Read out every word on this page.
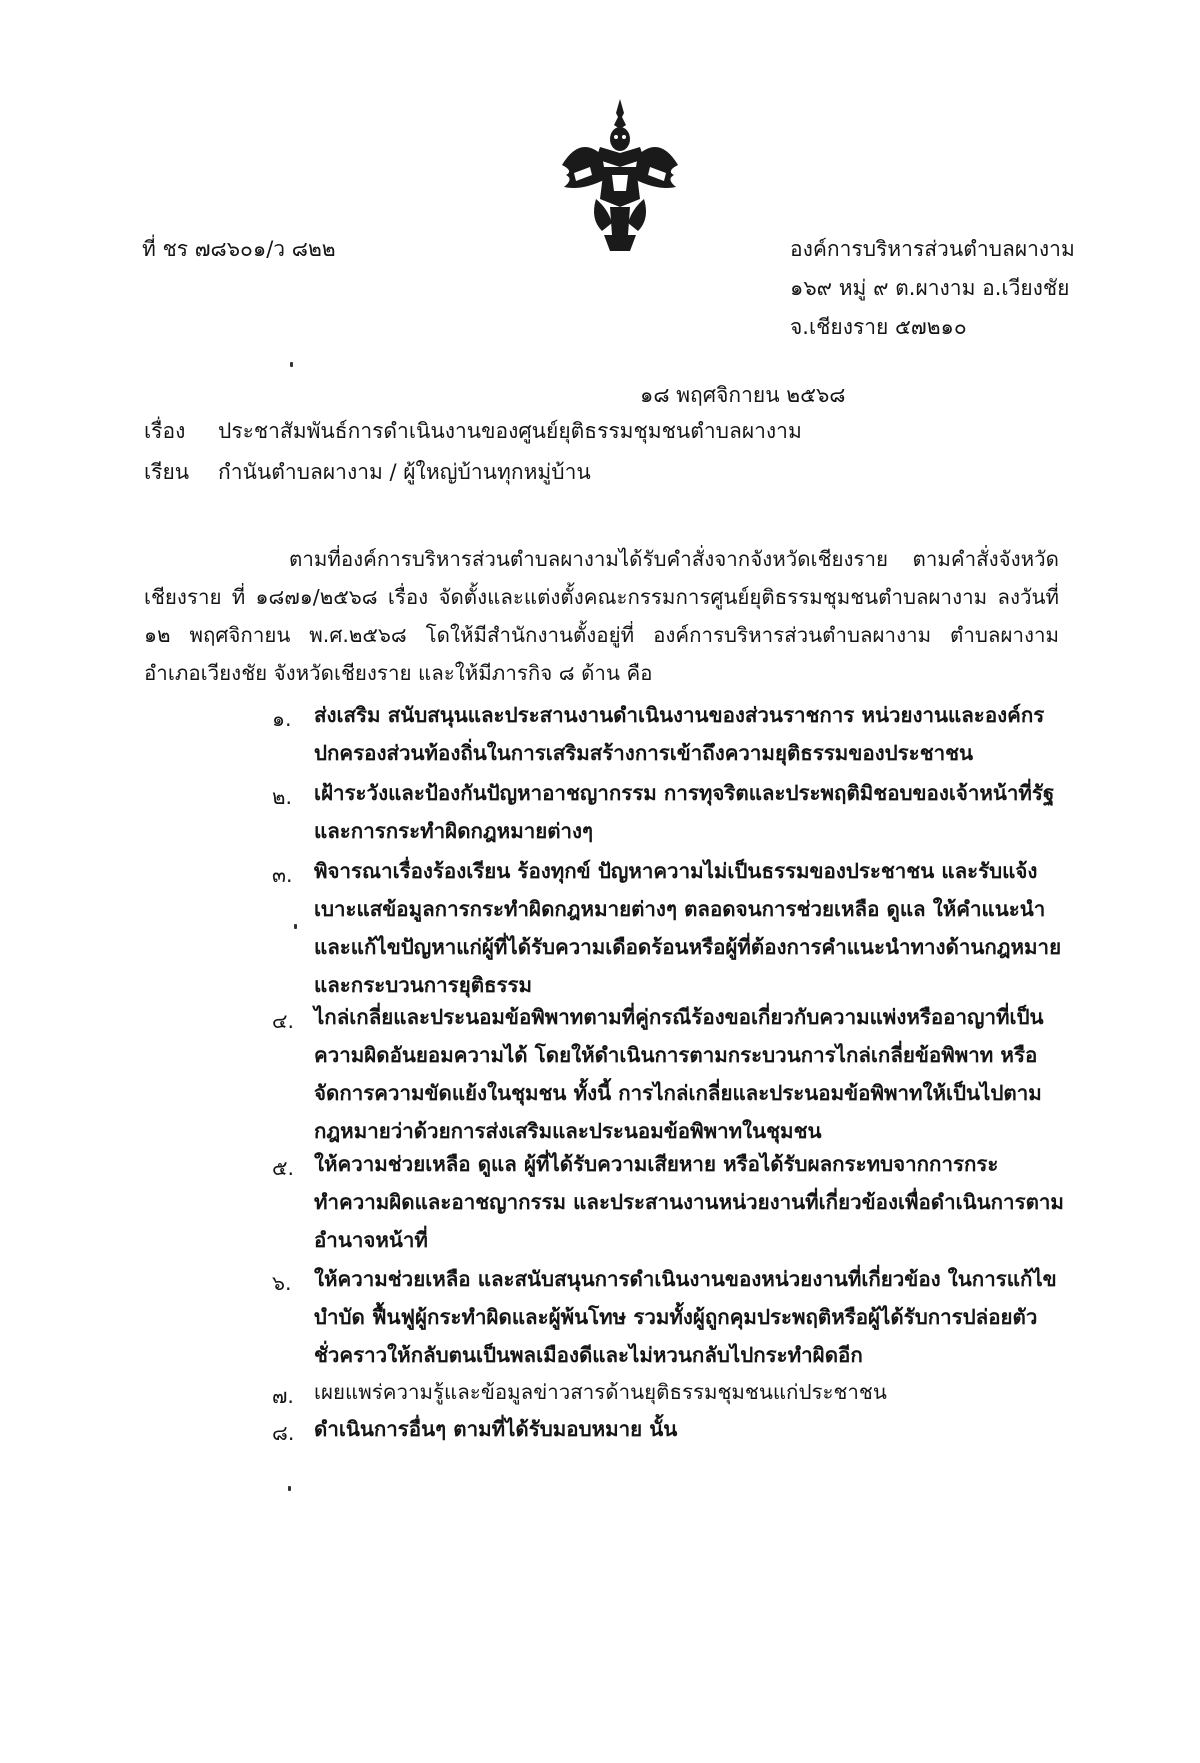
ที่ ชร ๗๘๖๐๑/ว ๘๒๒	องค์การบริหารส่วนตำบลผางาม
๑๖๙ หมู่ ๙ ต.ผางาม อ.เวียงชัย
จ.เชียงราย ๕๗๒๑๐
๑๘ พฤศจิกายน ๒๕๖๘
เรื่อง ประชาสัมพันธ์การดำเนินงานของศูนย์ยุติธรรมชุมชนตำบลผางาม
เรียน กำนันตำบลผางาม / ผู้ใหญ่บ้านทุกหมู่บ้าน
ตามที่องค์การบริหารส่วนตำบลผางามได้รับคำสั่งจากจังหวัดเชียงราย ตามคำสั่งจังหวัดเชียงราย ที่ ๑๘๗๑/๒๕๖๘ เรื่อง จัดตั้งและแต่งตั้งคณะกรรมการศูนย์ยุติธรรมชุมชนตำบลผางาม ลงวันที่ ๑๒ พฤศจิกายน พ.ศ.๒๕๖๘ โดให้มีสำนักงานตั้งอยู่ที่ องค์การบริหารส่วนตำบลผางาม ตำบลผางาม อำเภอเวียงชัย จังหวัดเชียงราย และให้มีภารกิจ ๘ ด้าน คือ
๑. ส่งเสริม สนับสนุนและประสานงานดำเนินงานของส่วนราชการ หน่วยงานและองค์กรปกครองส่วนท้องถิ่นในการเสริมสร้างการเข้าถึงความยุติธรรมของประชาชน
๒. เฝ้าระวังและป้องกันปัญหาอาชญากรรม การทุจริตและประพฤติมิชอบของเจ้าหน้าที่รัฐและการกระทำผิดกฎหมายต่างๆ
๓. พิจารณาเรื่องร้องเรียน ร้องทุกข์ ปัญหาความไม่เป็นธรรมของประชาชน และรับแจ้งเบาะแสข้อมูลการกระทำผิดกฎหมายต่างๆ ตลอดจนการช่วยเหลือ ดูแล ให้คำแนะนำและแก้ไขปัญหาแก่ผู้ที่ได้รับความเดือดร้อนหรือผู้ที่ต้องการคำแนะนำทางด้านกฎหมายและกระบวนการยุติธรรม
๔. ไกล่เกลี่ยและประนอมข้อพิพาทตามที่คู่กรณีร้องขอเกี่ยวกับความแพ่งหรืออาญาที่เป็นความผิดอันยอมความได้ โดยให้ดำเนินการตามกระบวนการไกล่เกลี่ยข้อพิพาท หรือจัดการความขัดแย้งในชุมชน ทั้งนี้ การไกล่เกลี่ยและประนอมข้อพิพาทให้เป็นไปตามกฎหมายว่าด้วยการส่งเสริมและประนอมข้อพิพาทในชุมชน
๕. ให้ความช่วยเหลือ ดูแล ผู้ที่ได้รับความเสียหาย หรือได้รับผลกระทบจากการกระทำความผิดและอาชญากรรม และประสานงานหน่วยงานที่เกี่ยวข้องเพื่อดำเนินการตามอำนาจหน้าที่
๖. ให้ความช่วยเหลือ และสนับสนุนการดำเนินงานของหน่วยงานที่เกี่ยวข้อง ในการแก้ไขบำบัด ฟื้นฟูผู้กระทำผิดและผู้พ้นโทษ รวมทั้งผู้ถูกคุมประพฤติหรือผู้ได้รับการปล่อยตัวชั่วคราวให้กลับตนเป็นพลเมืองดีและไม่หวนกลับไปกระทำผิดอีก
๗. เผยแพร่ความรู้และข้อมูลข่าวสารด้านยุติธรรมชุมชนแก่ประชาชน
๘. ดำเนินการอื่นๆ ตามที่ได้รับมอบหมาย นั้น
